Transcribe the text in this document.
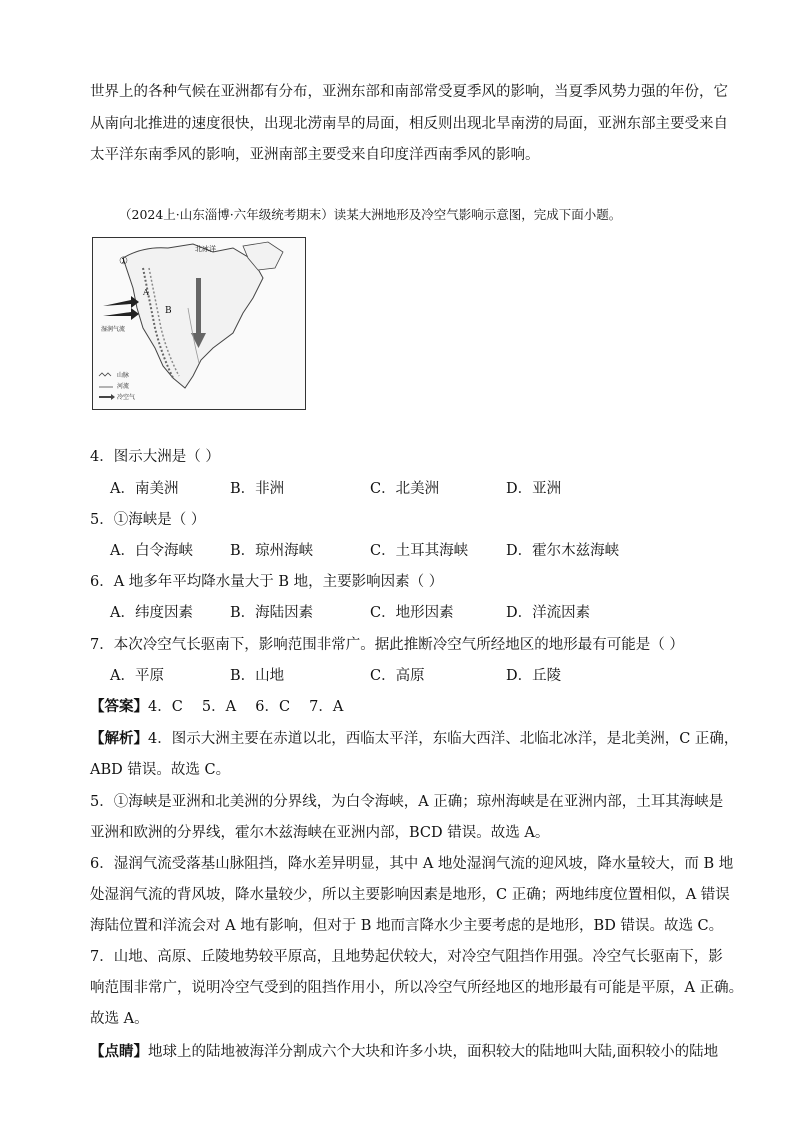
世界上的各种气候在亚洲都有分布，亚洲东部和南部常受夏季风的影响，当夏季风势力强的年份，它
从南向北推进的速度很快，出现北涝南旱的局面，相反则出现北旱南涝的局面，亚洲东部主要受来自
太平洋东南季风的影响，亚洲南部主要受来自印度洋西南季风的影响。
（2024上·山东淄博·六年级统考期末）读某大洲地形及冷空气影响示意图，完成下面小题。
北冰洋
①
A
B
湿润气流
山脉
河流
冷空气
4．图示大洲是（ ）
A．南美洲	B．非洲	C．北美洲	D．亚洲
5．①海峡是（ ）
A．白令海峡	B．琼州海峡	C．土耳其海峡	D．霍尔木兹海峡
6．A 地多年平均降水量大于 B 地，主要影响因素（ ）
A．纬度因素	B．海陆因素	C．地形因素	D．洋流因素
7．本次冷空气长驱南下，影响范围非常广。据此推断冷空气所经地区的地形最有可能是（ ）
A．平原	B．山地	C．高原	D．丘陵
【答案】4．C　 5．A　 6．C　 7．A
【解析】4．图示大洲主要在赤道以北，西临太平洋，东临大西洋、北临北冰洋，是北美洲，C 正确，
ABD 错误。故选 C。
5．①海峡是亚洲和北美洲的分界线，为白令海峡，A 正确；琼州海峡是在亚洲内部，土耳其海峡是
亚洲和欧洲的分界线，霍尔木兹海峡在亚洲内部，BCD 错误。故选 A。
6．湿润气流受落基山脉阻挡，降水差异明显，其中 A 地处湿润气流的迎风坡，降水量较大，而 B 地
处湿润气流的背风坡，降水量较少，所以主要影响因素是地形，C 正确；两地纬度位置相似，A 错误
海陆位置和洋流会对 A 地有影响，但对于 B 地而言降水少主要考虑的是地形，BD 错误。故选 C。
7．山地、高原、丘陵地势较平原高，且地势起伏较大，对冷空气阻挡作用强。冷空气长驱南下，影
响范围非常广，说明冷空气受到的阻挡作用小，所以冷空气所经地区的地形最有可能是平原，A 正确。
故选 A。
【点睛】地球上的陆地被海洋分割成六个大块和许多小块，面积较大的陆地叫大陆,面积较小的陆地
